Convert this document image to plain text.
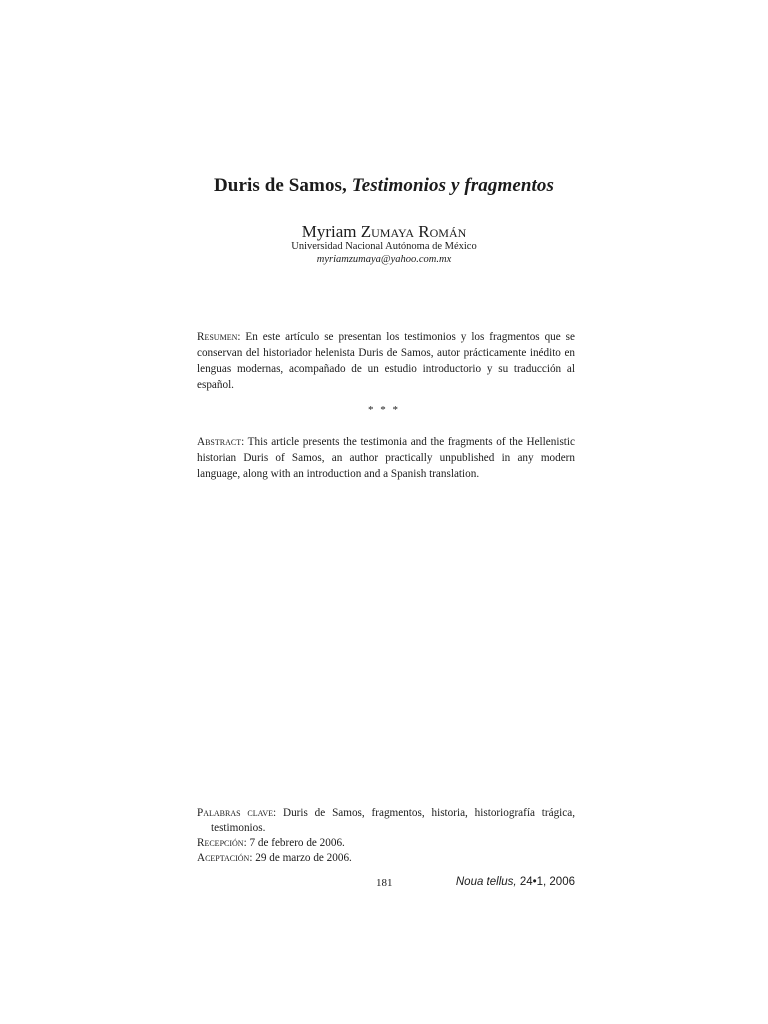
Duris de Samos, Testimonios y fragmentos
Myriam Zumaya Román
Universidad Nacional Autónoma de México
myriamzumaya@yahoo.com.mx
Resumen: En este artículo se presentan los testimonios y los fragmentos que se conservan del historiador helenista Duris de Samos, autor prácticamente inédito en lenguas modernas, acompañado de un estudio introductorio y su traducción al español.
* * *
Abstract: This article presents the testimonia and the fragments of the Hellenistic historian Duris of Samos, an author practically unpublished in any modern language, along with an introduction and a Spanish translation.
Palabras clave: Duris de Samos, fragmentos, historia, historiografía trágica,
testimonios.
Recepción: 7 de febrero de 2006.
Aceptación: 29 de marzo de 2006.
181	Noua tellus, 24•1, 2006
